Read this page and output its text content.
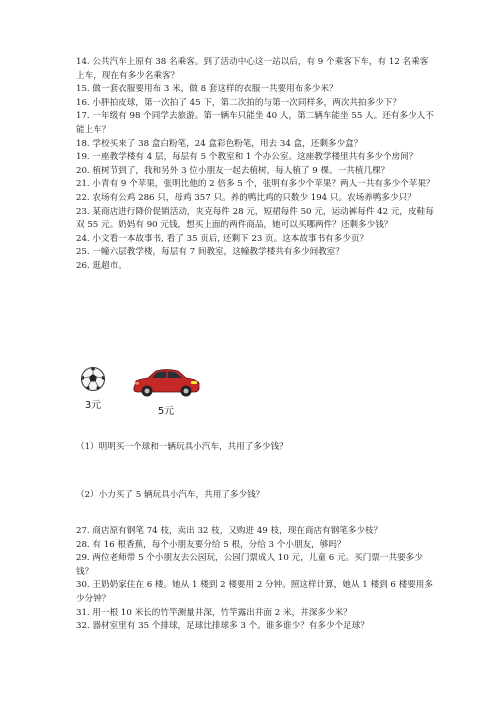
14. 公共汽车上原有 38 名乘客。到了活动中心这一站以后，有 9 个乘客下车，有 12 名乘客上车，现在有多少名乘客？

15. 做一套衣服要用布 3 米，做 8 套这样的衣服一共要用布多少米？

16. 小胖拍皮球，第一次拍了 45 下，第二次拍的与第一次同样多，两次共拍多少下？

17. 一年级有 98 个同学去旅游。第一辆车只能坐 40 人，第二辆车能坐 55 人。还有多少人不能上车？

18. 学校买来了 38 盒白粉笔，24 盒彩色粉笔，用去 34 盒，还剩多少盒？

19. 一座教学楼有 4 层，每层有 5 个教室和 1 个办公室。这座教学楼里共有多少个房间？

20. 植树节到了，我和另外 3 位小朋友一起去植树，每人植了 9 棵。一共植几棵？

21. 小青有 9 个苹果，张明比他的 2 倍多 5 个，张明有多少个苹果？两人一共有多少个苹果？

22. 农场有公鸡 286 只，母鸡 357 只。养的鸭比鸡的只数少 194 只。农场养鸭多少只？

23. 某商店进行降价促销活动，夹克每件 28 元，短裙每件 50 元，运动裤每件 42 元，皮鞋每双 55 元。奶妈有 90 元钱，想买上面的两件商品，她可以买哪两件？还剩多少钱？

24. 小文看一本故事书, 看了 35 页后, 还剩下 23 页。这本故事书有多少页？

25. 一幢六层教学楼，每层有 7 间教室，这幢教学楼共有多少间教室？

26. 逛超市。

3元
5元

（1）明明买一个球和一辆玩具小汽车，共用了多少钱？

（2）小力买了 5 辆玩具小汽车，共用了多少钱？

27. 商店原有钢笔 74 枝，卖出 32 枝，又购进 49 枝，现在商店有钢笔多少枝？

28. 有 16 根香蕉，每个小朋友要分给 5 根，分给 3 个小朋友，够吗？

29. 两位老师带 5 个小朋友去公园玩，公园门票成人 10 元，儿童 6 元。买门票一共要多少钱？

30. 王奶奶家住在 6 楼。她从 1 楼到 2 楼要用 2 分钟。照这样计算，她从 1 楼到 6 楼要用多少分钟？

31. 用一根 10 米长的竹竿测量井深，竹竿露出井面 2 米，井深多少米？

32. 器材室里有 35 个排球，足球比排球多 3 个。谁多谁少？有多少个足球？
